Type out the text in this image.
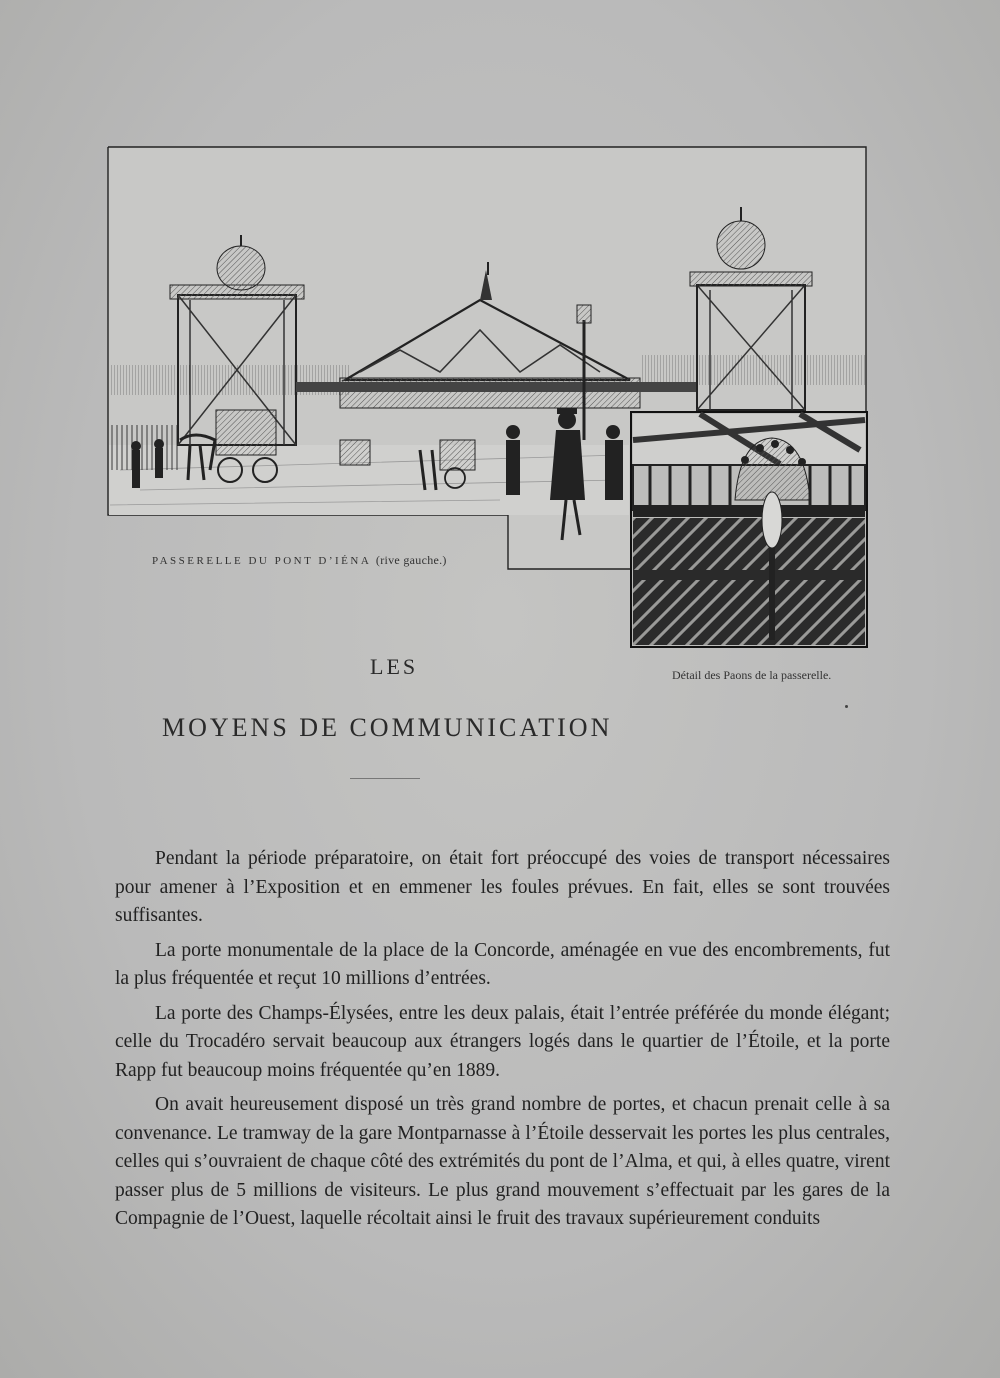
PASSERELLE DU PONT D’IÉNA (rive gauche.)
Détail des Paons de la passerelle.
LES
MOYENS DE COMMUNICATION

Pendant la période préparatoire, on était fort préoccupé des voies de transport nécessaires pour amener à l’Exposition et en emmener les foules prévues. En fait, elles se sont trouvées suffisantes.

La porte monumentale de la place de la Concorde, aménagée en vue des encombrements, fut la plus fréquentée et reçut 10 millions d’entrées.

La porte des Champs-Élysées, entre les deux palais, était l’entrée préférée du monde élégant; celle du Trocadéro servait beaucoup aux étrangers logés dans le quartier de l’Étoile, et la porte Rapp fut beaucoup moins fréquentée qu’en 1889.

On avait heureusement disposé un très grand nombre de portes, et chacun prenait celle à sa convenance. Le tramway de la gare Montparnasse à l’Étoile desservait les portes les plus centrales, celles qui s’ouvraient de chaque côté des extrémités du pont de l’Alma, et qui, à elles quatre, virent passer plus de 5 millions de visiteurs. Le plus grand mouvement s’effectuait par les gares de la Compagnie de l’Ouest, laquelle récoltait ainsi le fruit des travaux supérieurement conduits
